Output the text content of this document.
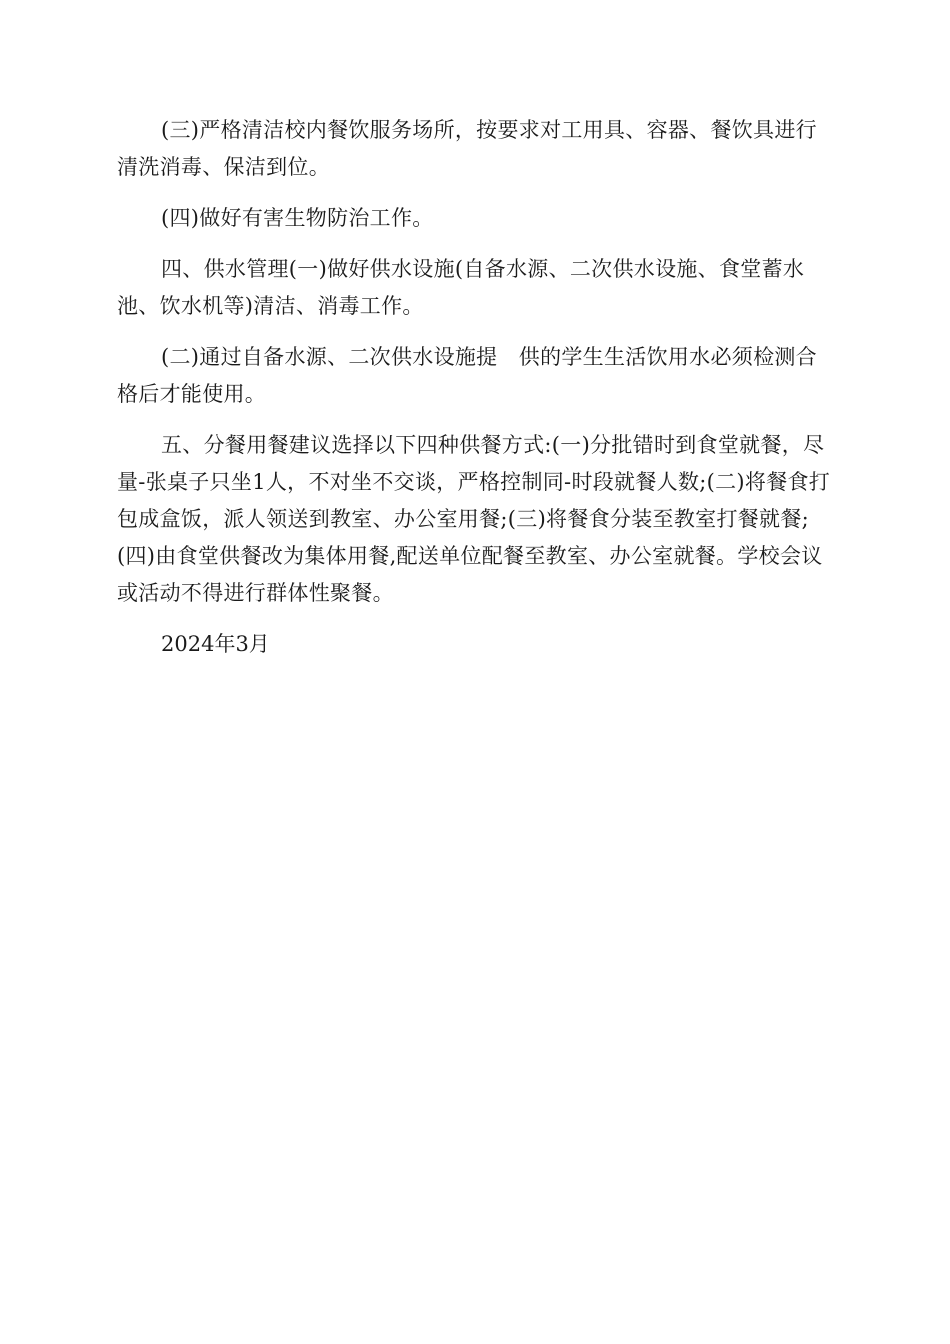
(三)严格清洁校内餐饮服务场所，按要求对工用具、容器、餐饮具进行清洗消毒、保洁到位。

(四)做好有害生物防治工作。

四、供水管理(一)做好供水设施(自备水源、二次供水设施、食堂蓄水池、饮水机等)清洁、消毒工作。

(二)通过自备水源、二次供水设施提　供的学生生活饮用水必须检测合格后才能使用。

五、分餐用餐建议选择以下四种供餐方式:(一)分批错时到食堂就餐，尽量-张桌子只坐1人，不对坐不交谈，严格控制同-时段就餐人数;(二)将餐食打包成盒饭，派人领送到教室、办公室用餐;(三)将餐食分装至教室打餐就餐;(四)由食堂供餐改为集体用餐,配送单位配餐至教室、办公室就餐。学校会议或活动不得进行群体性聚餐。

2024年3月
